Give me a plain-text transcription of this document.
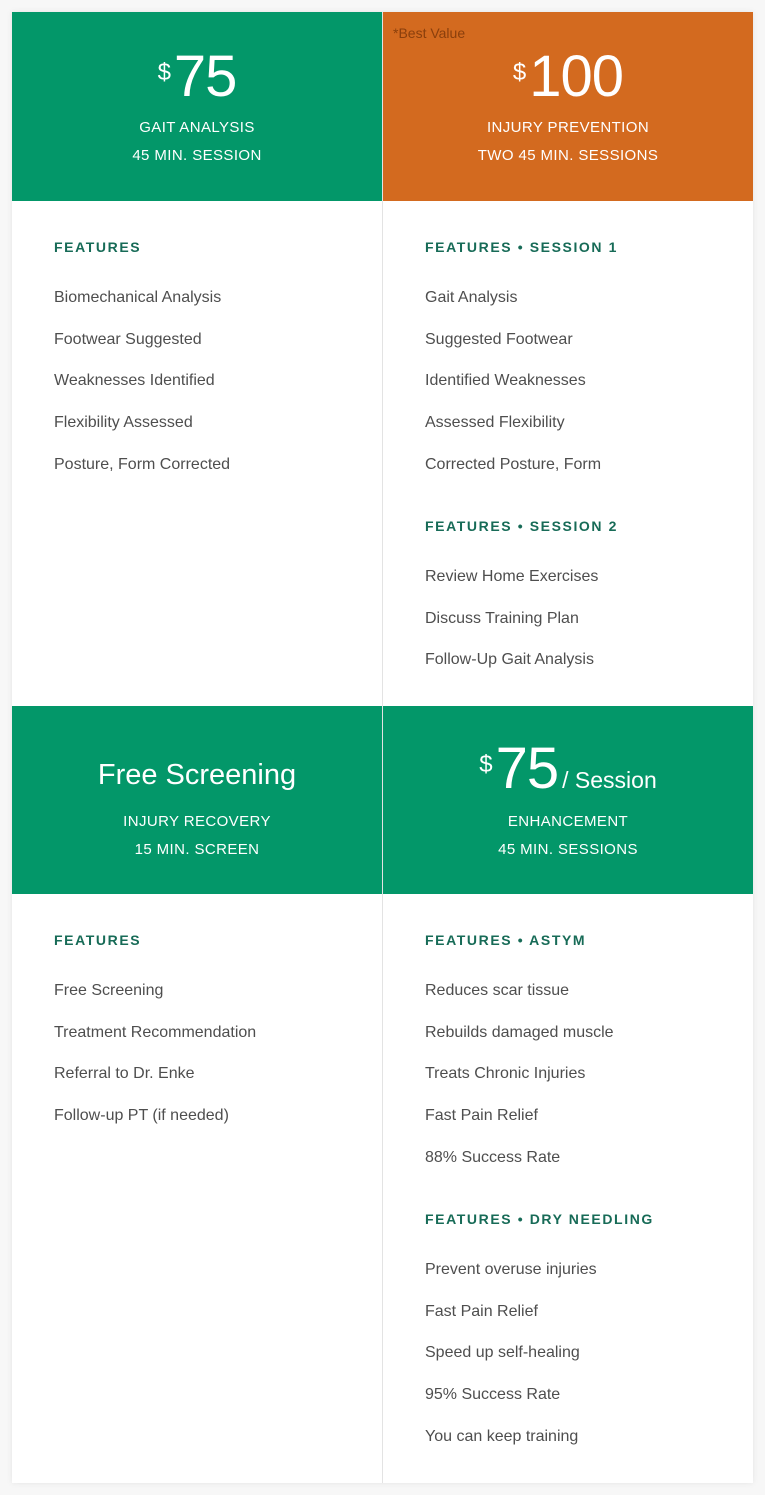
$75
GAIT ANALYSIS
45 MIN. SESSION
FEATURES
Biomechanical Analysis
Footwear Suggested
Weaknesses Identified
Flexibility Assessed
Posture, Form Corrected
*Best Value
$100
INJURY PREVENTION
TWO 45 MIN. SESSIONS
FEATURES • SESSION 1
Gait Analysis
Suggested Footwear
Identified Weaknesses
Assessed Flexibility
Corrected Posture, Form
FEATURES • SESSION 2
Review Home Exercises
Discuss Training Plan
Follow-Up Gait Analysis
Free Screening
INJURY RECOVERY
15 MIN. SCREEN
FEATURES
Free Screening
Treatment Recommendation
Referral to Dr. Enke
Follow-up PT (if needed)
$75 / Session
ENHANCEMENT
45 MIN. SESSIONS
FEATURES • ASTYM
Reduces scar tissue
Rebuilds damaged muscle
Treats Chronic Injuries
Fast Pain Relief
88% Success Rate
FEATURES • DRY NEEDLING
Prevent overuse injuries
Fast Pain Relief
Speed up self-healing
95% Success Rate
You can keep training
